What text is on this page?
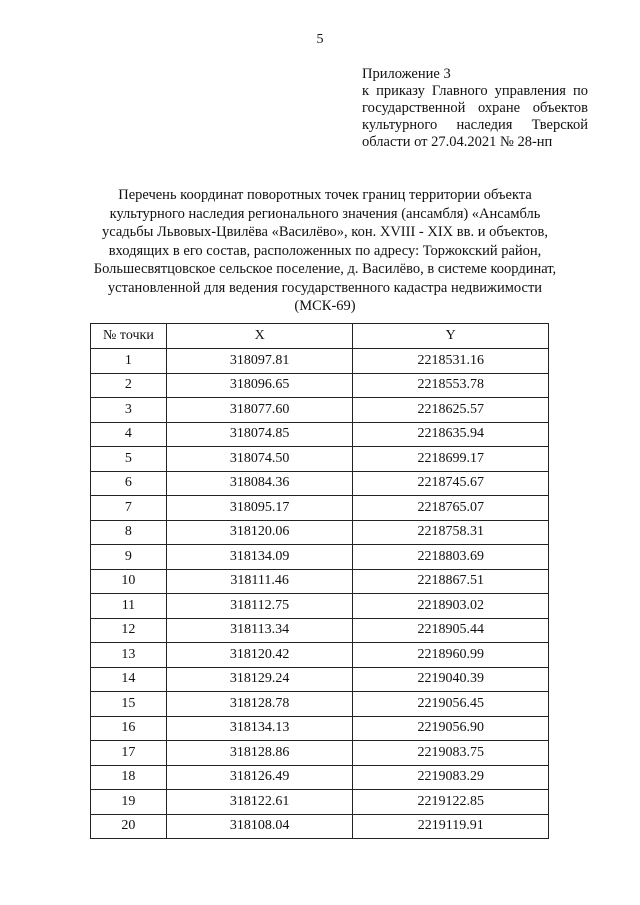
5
Приложение 3
к приказу Главного управления по
государственной охране объектов
культурного наследия Тверской
области от 27.04.2021 № 28-нп
Перечень координат поворотных точек границ территории объекта
культурного наследия регионального значения (ансамбля) «Ансамбль
усадьбы Львовых-Цвилёва «Василёво», кон. XVIII - XIX вв. и объектов,
входящих в его состав, расположенных по адресу: Торжокский район,
Большесвятцовское сельское поселение, д. Василёво, в системе координат,
установленной для ведения государственного кадастра недвижимости
(МСК-69)
№ точки	X	Y
1	318097.81	2218531.16
2	318096.65	2218553.78
3	318077.60	2218625.57
4	318074.85	2218635.94
5	318074.50	2218699.17
6	318084.36	2218745.67
7	318095.17	2218765.07
8	318120.06	2218758.31
9	318134.09	2218803.69
10	318111.46	2218867.51
11	318112.75	2218903.02
12	318113.34	2218905.44
13	318120.42	2218960.99
14	318129.24	2219040.39
15	318128.78	2219056.45
16	318134.13	2219056.90
17	318128.86	2219083.75
18	318126.49	2219083.29
19	318122.61	2219122.85
20	318108.04	2219119.91
